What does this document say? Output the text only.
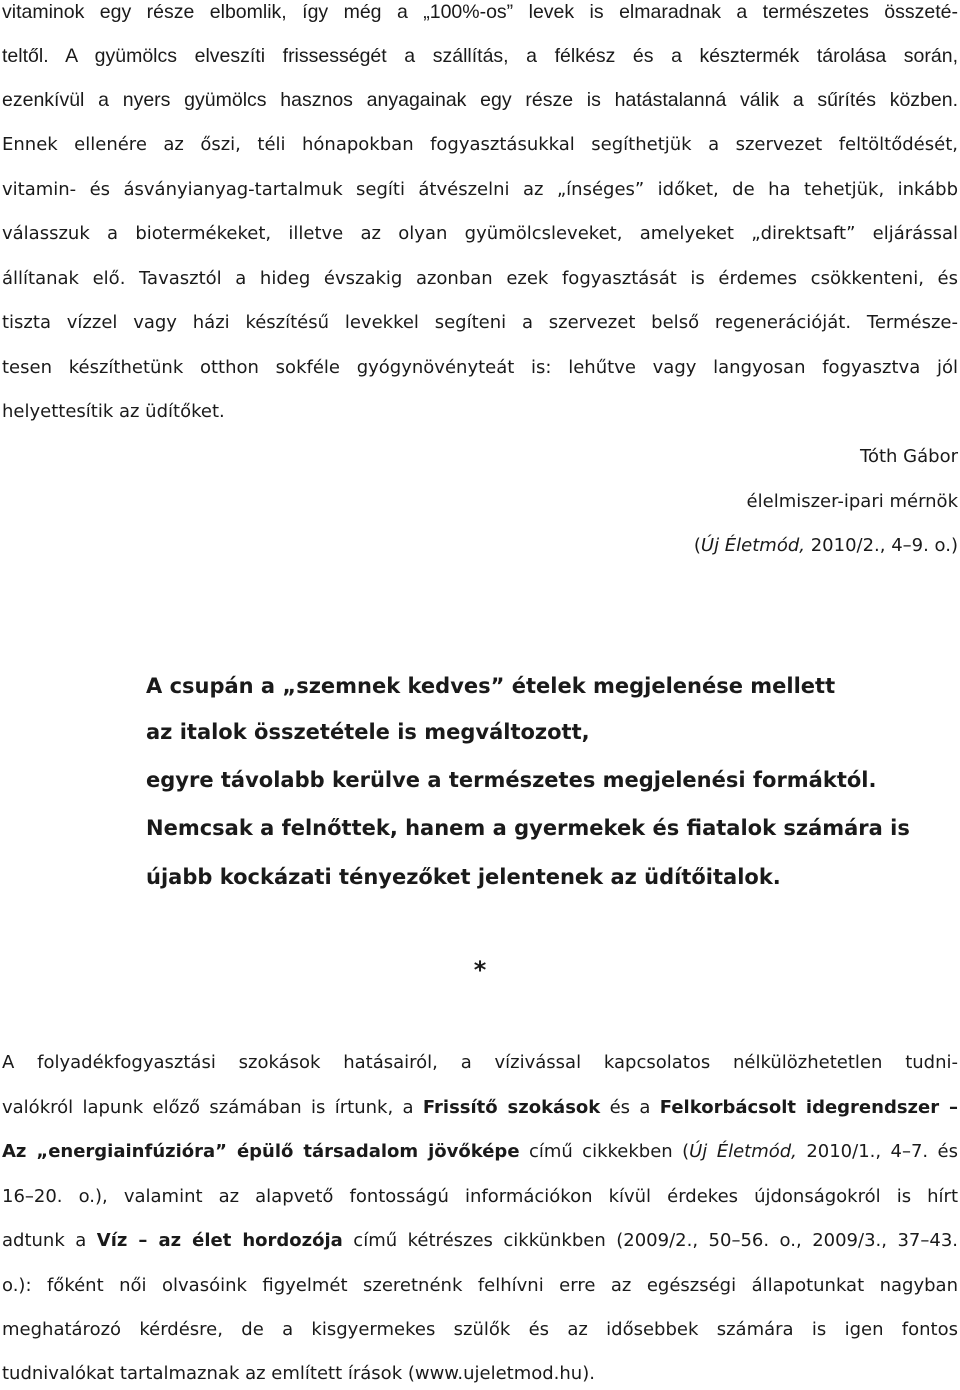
vitaminok egy része elbomlik, így még a „100%-os” levek is elmaradnak a természetes összeté-
teltől. A gyümölcs elveszíti frissességét a szállítás, a félkész és a késztermék tárolása során,
ezenkívül a nyers gyümölcs hasznos anyagainak egy része is hatástalanná válik a sűrítés közben.
Ennek ellenére az őszi, téli hónapokban fogyasztásukkal segíthetjük a szervezet feltöltődését,
vitamin- és ásványianyag-tartalmuk segíti átvészelni az „ínséges” időket, de ha tehetjük, inkább
válasszuk a biotermékeket, illetve az olyan gyümölcsleveket, amelyeket „direktsaft” eljárással
állítanak elő. Tavasztól a hideg évszakig azonban ezek fogyasztását is érdemes csökkenteni, és
tiszta vízzel vagy házi készítésű levekkel segíteni a szervezet belső regenerációját. Természe-
tesen készíthetünk otthon sokféle gyógynövényteát is: lehűtve vagy langyosan fogyasztva jól
helyettesítik az üdítőket.
Tóth Gábor
élelmiszer-ipari mérnök
(Új Életmód, 2010/2., 4–9. o.)
A csupán a „szemnek kedves” ételek megjelenése mellett
az italok összetétele is megváltozott,
egyre távolabb kerülve a természetes megjelenési formáktól.
Nemcsak a felnőttek, hanem a gyermekek és fiatalok számára is
újabb kockázati tényezőket jelentenek az üdítőitalok.
*
A folyadékfogyasztási szokások hatásairól, a vízivással kapcsolatos nélkülözhetetlen tudni-
valókról lapunk előző számában is írtunk, a Frissítő szokások és a Felkorbácsolt idegrendszer –
Az „energiainfúzióra” épülő társadalom jövőképe című cikkekben (Új Életmód, 2010/1., 4–7. és
16–20. o.), valamint az alapvető fontosságú információkon kívül érdekes újdonságokról is hírt
adtunk a Víz – az élet hordozója című kétrészes cikkünkben (2009/2., 50–56. o., 2009/3., 37–43.
o.): főként női olvasóink figyelmét szeretnénk felhívni erre az egészségi állapotunkat nagyban
meghatározó kérdésre, de a kisgyermekes szülők és az idősebbek számára is igen fontos
tudnivalókat tartalmaznak az említett írások (www.ujeletmod.hu).
